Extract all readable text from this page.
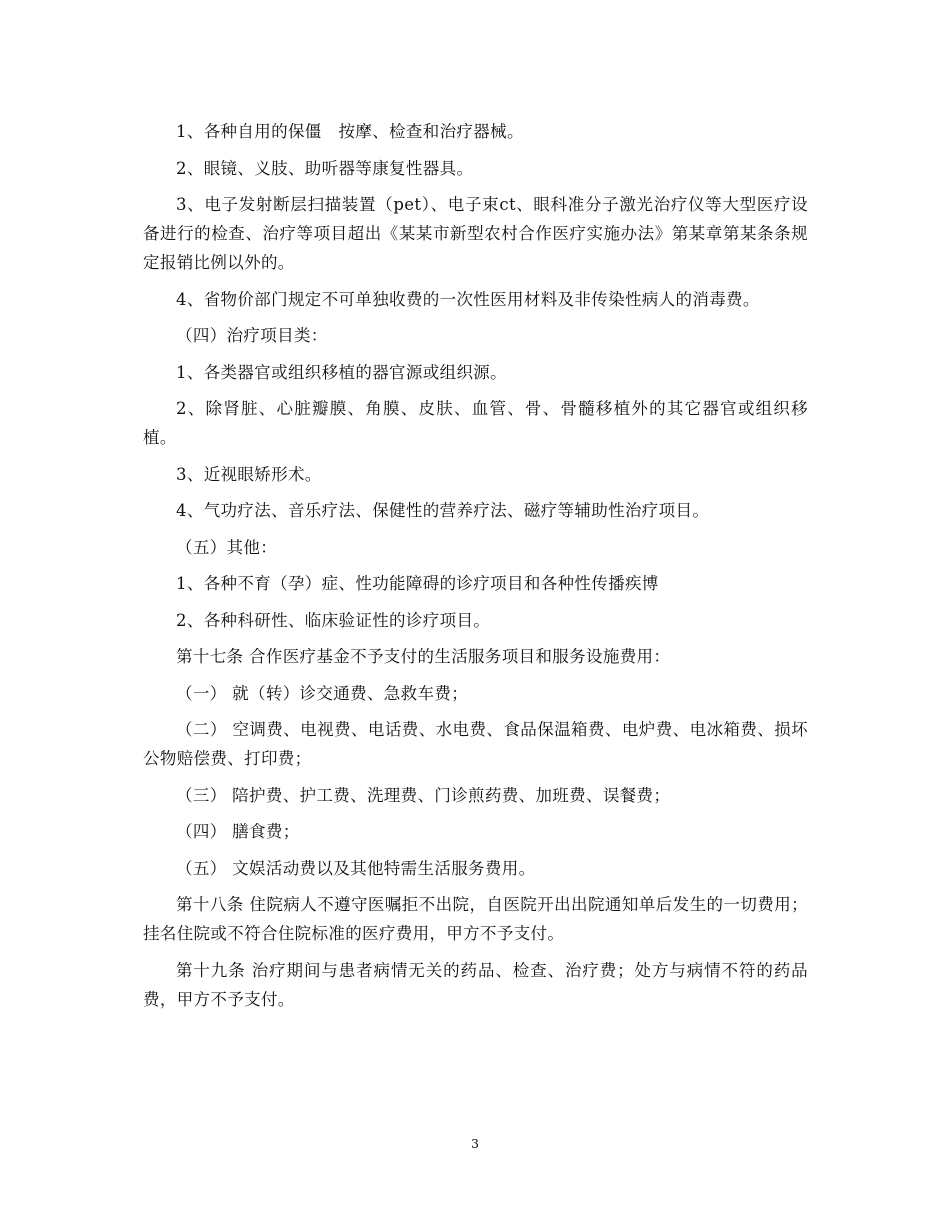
1、各种自用的保僵　按摩、检查和治疗器械。

2、眼镜、义肢、助听器等康复性器具。

3、电子发射断层扫描装置（pet）、电子束ct、眼科准分子激光治疗仪等大型医疗设备进行的检查、治疗等项目超出《某某市新型农村合作医疗实施办法》第某章第某条条规定报销比例以外的。

4、省物价部门规定不可单独收费的一次性医用材料及非传染性病人的消毒费。

（四）治疗项目类：

1、各类器官或组织移植的器官源或组织源。

2、除肾脏、心脏瓣膜、角膜、皮肤、血管、骨、骨髓移植外的其它器官或组织移植。

3、近视眼矫形术。

4、气功疗法、音乐疗法、保健性的营养疗法、磁疗等辅助性治疗项目。

（五）其他：

1、各种不育（孕）症、性功能障碍的诊疗项目和各种性传播疾博

2、各种科研性、临床验证性的诊疗项目。

第十七条 合作医疗基金不予支付的生活服务项目和服务设施费用：

（一） 就（转）诊交通费、急救车费；

（二） 空调费、电视费、电话费、水电费、食品保温箱费、电炉费、电冰箱费、损坏公物赔偿费、打印费；

（三） 陪护费、护工费、洗理费、门诊煎药费、加班费、误餐费；

（四） 膳食费；

（五） 文娱活动费以及其他特需生活服务费用。

第十八条 住院病人不遵守医嘱拒不出院，自医院开出出院通知单后发生的一切费用；挂名住院或不符合住院标准的医疗费用，甲方不予支付。

第十九条 治疗期间与患者病情无关的药品、检查、治疗费；处方与病情不符的药品费，甲方不予支付。

3
